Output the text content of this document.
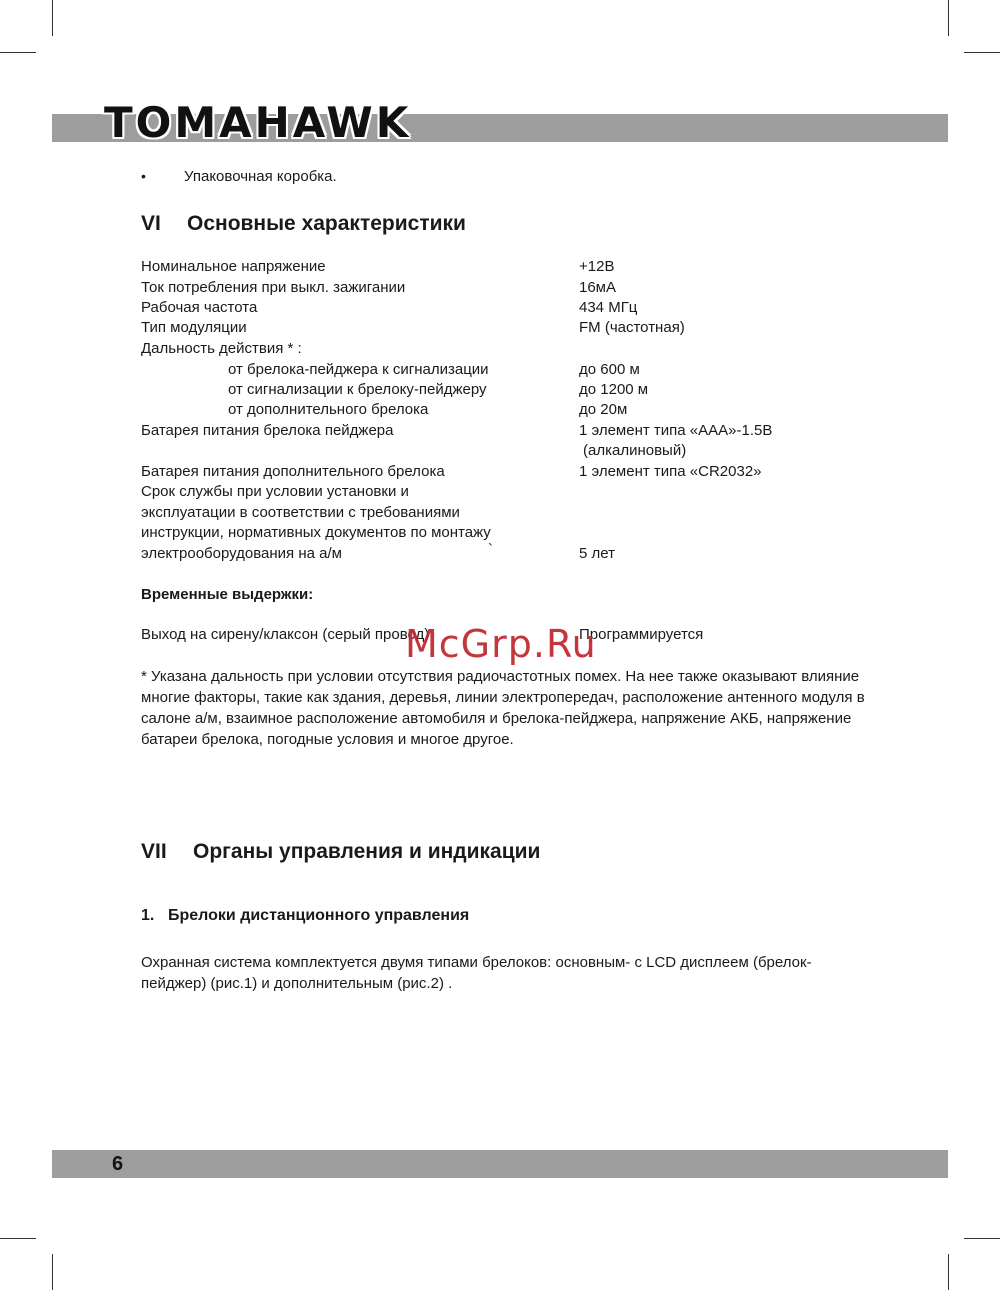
TOMAHAWK
•	Упаковочная коробка.
VI Основные характеристики
Номинальное напряжение	+12В
Ток потребления при выкл. зажигании	16мА
Рабочая частота	434 МГц
Тип модуляции	FM (частотная)
Дальность действия * :
от брелока-пейджера к сигнализации	до 600 м
от сигнализации к брелоку-пейджеру	до 1200 м
от дополнительного брелока	до 20м
Батарея питания брелока пейджера	1 элемент типа «ААА»-1.5В
(алкалиновый)
Батарея питания дополнительного брелока	1 элемент типа «CR2032»
Срок службы при условии установки и
эксплуатации в соответствии с требованиями
инструкции, нормативных документов по монтажу
электрооборудования на а/м	`	5 лет
Временные выдержки:
Выход на сирену/клаксон (серый провод)	Программируется
McGrp.Ru
* Указана дальность при условии отсутствия радиочастотных помех. На нее также оказывают влияние многие факторы, такие как здания, деревья, линии электропередач, расположение антенного модуля в салоне а/м, взаимное расположение автомобиля и брелока-пейджера, напряжение АКБ, напряжение батареи брелока, погодные условия и многое другое.
VII Органы управления и индикации
1. Брелоки дистанционного управления
Охранная система комплектуется двумя типами брелоков: основным- с LCD дисплеем (брелок-пейджер) (рис.1) и дополнительным (рис.2) .
6
